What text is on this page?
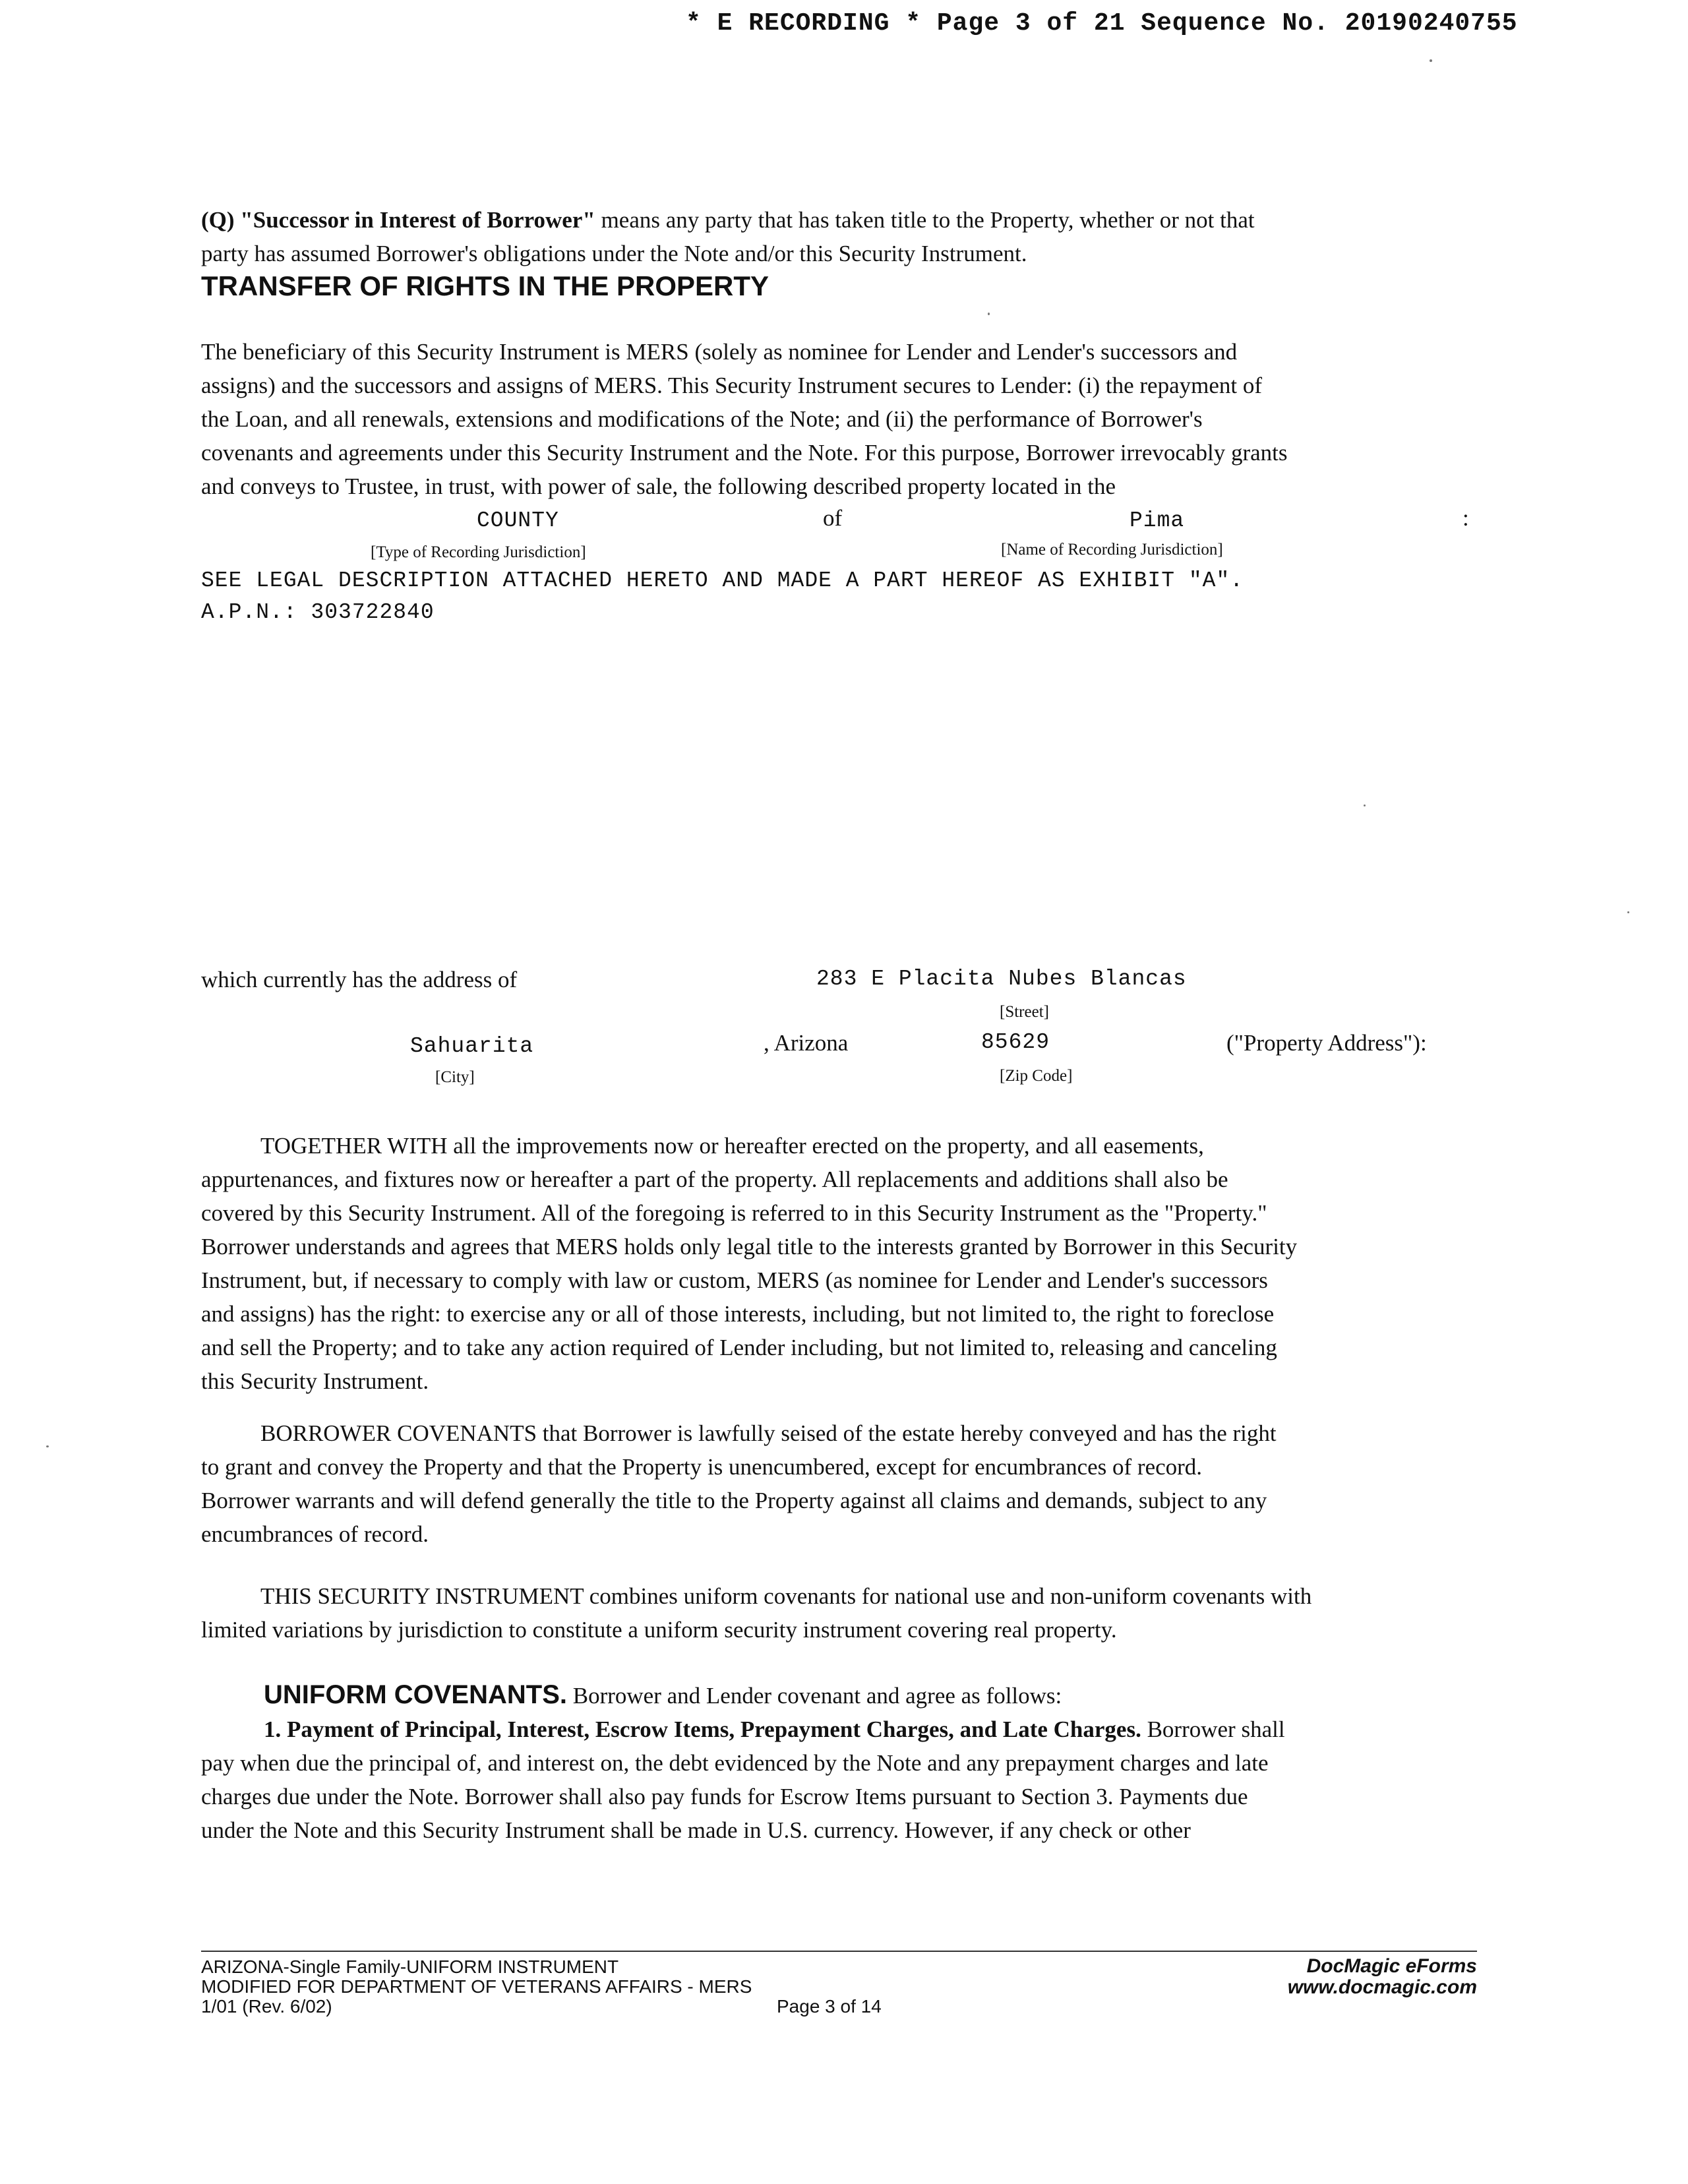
* E RECORDING * Page 3 of 21 Sequence No. 20190240755

(Q) "Successor in Interest of Borrower" means any party that has taken title to the Property, whether or not that
party has assumed Borrower's obligations under the Note and/or this Security Instrument.

TRANSFER OF RIGHTS IN THE PROPERTY

The beneficiary of this Security Instrument is MERS (solely as nominee for Lender and Lender's successors and
assigns) and the successors and assigns of MERS. This Security Instrument secures to Lender: (i) the repayment of
the Loan, and all renewals, extensions and modifications of the Note; and (ii) the performance of Borrower's
covenants and agreements under this Security Instrument and the Note. For this purpose, Borrower irrevocably grants
and conveys to Trustee, in trust, with power of sale, the following described property located in the

COUNTY	of	Pima	:
[Type of Recording Jurisdiction]	[Name of Recording Jurisdiction]
SEE LEGAL DESCRIPTION ATTACHED HERETO AND MADE A PART HEREOF AS EXHIBIT "A".
A.P.N.: 303722840
which currently has the address of	283 E Placita Nubes Blancas
[Street]
Sahuarita	, Arizona	85629	("Property Address"):
[City]	[Zip Code]

TOGETHER WITH all the improvements now or hereafter erected on the property, and all easements,
appurtenances, and fixtures now or hereafter a part of the property. All replacements and additions shall also be
covered by this Security Instrument. All of the foregoing is referred to in this Security Instrument as the "Property."
Borrower understands and agrees that MERS holds only legal title to the interests granted by Borrower in this Security
Instrument, but, if necessary to comply with law or custom, MERS (as nominee for Lender and Lender's successors
and assigns) has the right: to exercise any or all of those interests, including, but not limited to, the right to foreclose
and sell the Property; and to take any action required of Lender including, but not limited to, releasing and canceling
this Security Instrument.

BORROWER COVENANTS that Borrower is lawfully seised of the estate hereby conveyed and has the right
to grant and convey the Property and that the Property is unencumbered, except for encumbrances of record.
Borrower warrants and will defend generally the title to the Property against all claims and demands, subject to any
encumbrances of record.

THIS SECURITY INSTRUMENT combines uniform covenants for national use and non-uniform covenants with
limited variations by jurisdiction to constitute a uniform security instrument covering real property.

UNIFORM COVENANTS. Borrower and Lender covenant and agree as follows:
1. Payment of Principal, Interest, Escrow Items, Prepayment Charges, and Late Charges. Borrower shall
pay when due the principal of, and interest on, the debt evidenced by the Note and any prepayment charges and late
charges due under the Note. Borrower shall also pay funds for Escrow Items pursuant to Section 3. Payments due
under the Note and this Security Instrument shall be made in U.S. currency. However, if any check or other

ARIZONA-Single Family-UNIFORM INSTRUMENT
MODIFIED FOR DEPARTMENT OF VETERANS AFFAIRS - MERS
1/01 (Rev. 6/02)	Page 3 of 14
DocMagic eForms
www.docmagic.com
